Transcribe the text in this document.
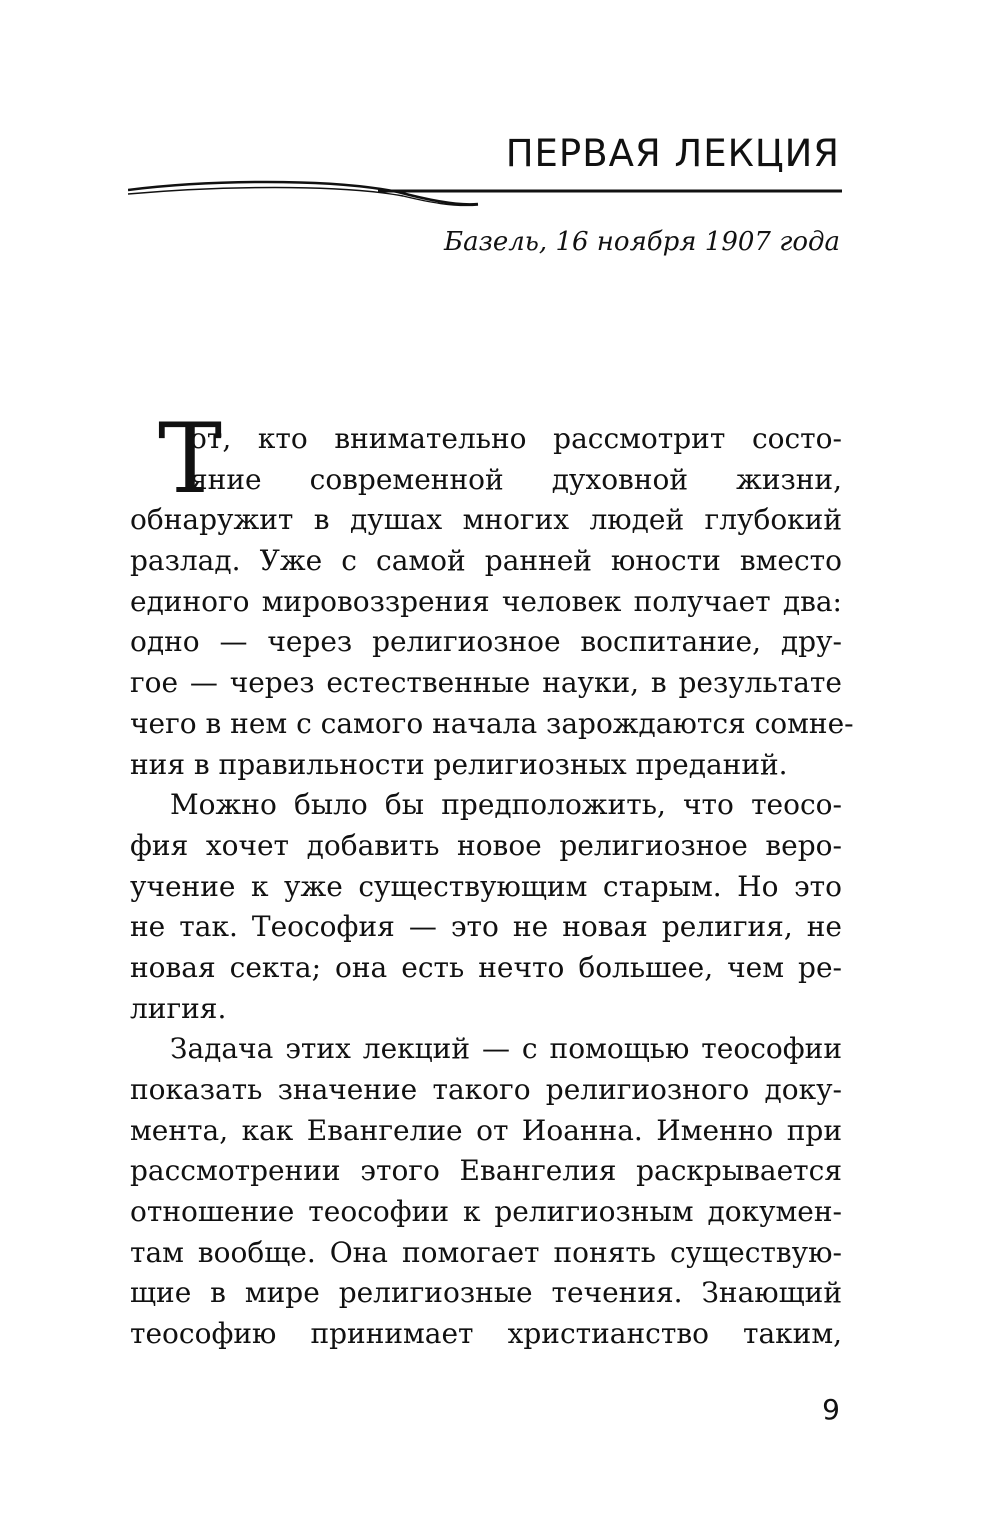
ПЕРВАЯ ЛЕКЦИЯ
Базель, 16 ноября 1907 года
Т
от, кто внимательно рассмотрит состо-
яние современной духовной жизни,
обнаружит в душах многих людей глубокий
разлад. Уже с самой ранней юности вместо
единого мировоззрения человек получает два:
одно — через религиозное воспитание, дру-
гое — через естественные науки, в результате
чего в нем с самого начала зарождаются сомне-
ния в правильности религиозных преданий.
Можно было бы предположить, что теосо-
фия хочет добавить новое религиозное веро-
учение к уже существующим старым. Но это
не так. Теософия — это не новая религия, не
новая секта; она есть нечто большее, чем ре-
лигия.
Задача этих лекций — с помощью теософии
показать значение такого религиозного доку-
мента, как Евангелие от Иоанна. Именно при
рассмотрении этого Евангелия раскрывается
отношение теософии к религиозным докумен-
там вообще. Она помогает понять существую-
щие в мире религиозные течения. Знающий
теософию принимает христианство таким,
9
